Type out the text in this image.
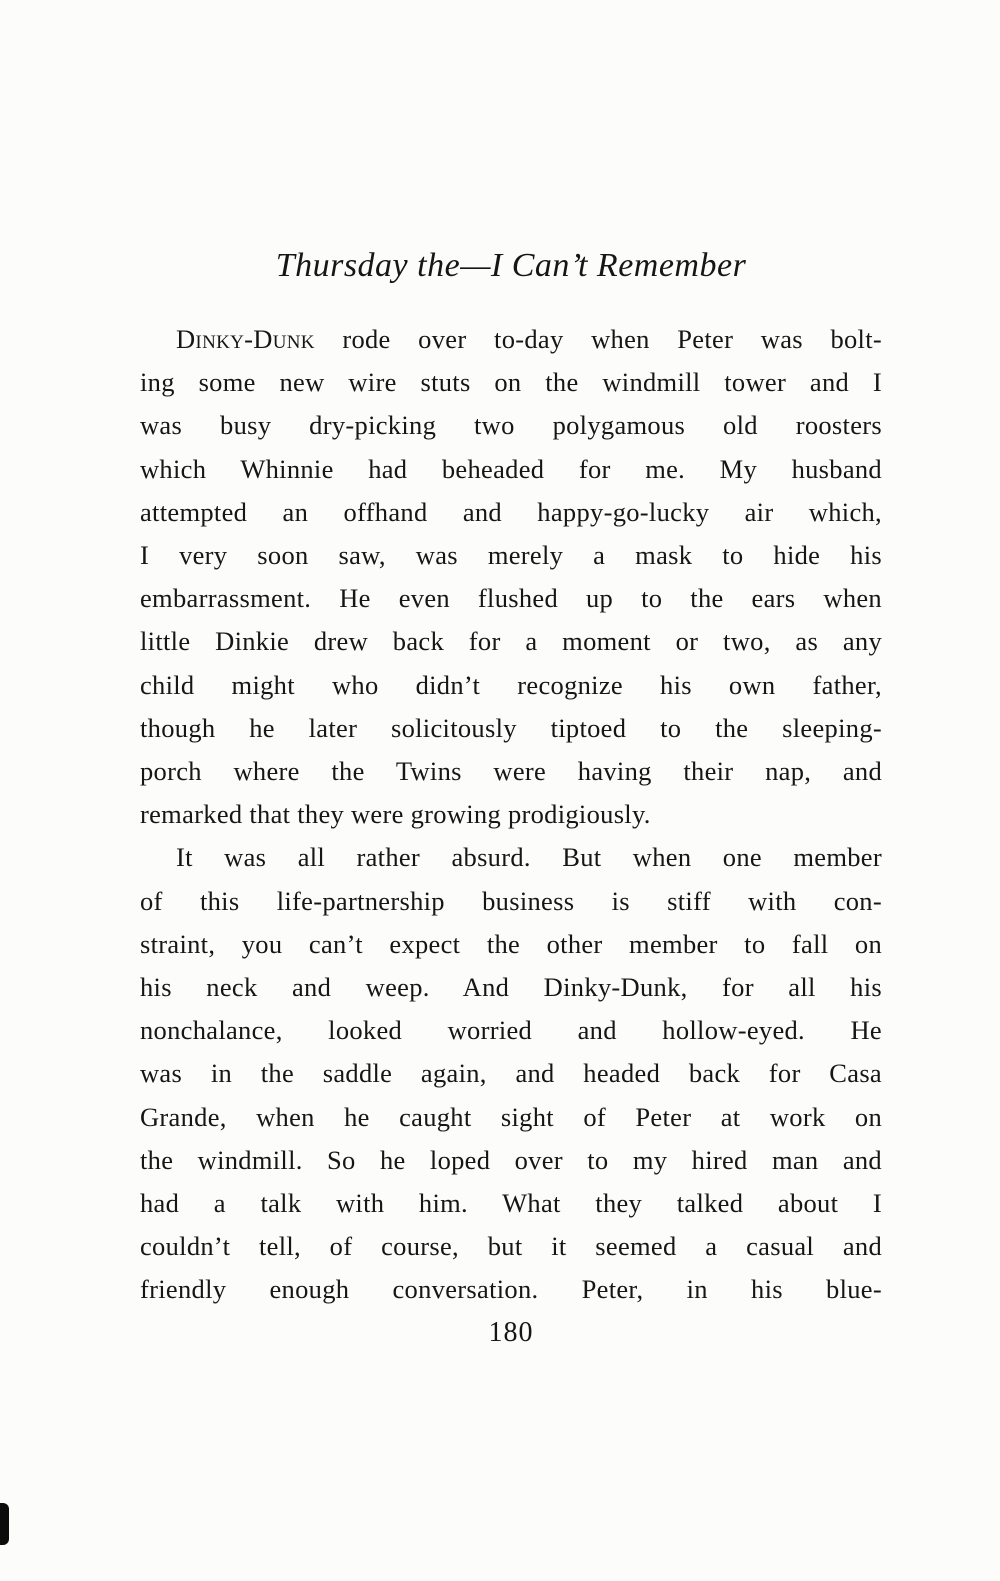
Thursday the—I Can’t Remember

Dinky-Dunk rode over to-day when Peter was bolt-
ing some new wire stuts on the windmill tower and I
was busy dry-picking two polygamous old roosters
which Whinnie had beheaded for me. My husband
attempted an offhand and happy-go-lucky air which,
I very soon saw, was merely a mask to hide his
embarrassment. He even flushed up to the ears when
little Dinkie drew back for a moment or two, as any
child might who didn’t recognize his own father,
though he later solicitously tiptoed to the sleeping-
porch where the Twins were having their nap, and
remarked that they were growing prodigiously.

It was all rather absurd. But when one member
of this life-partnership business is stiff with con-
straint, you can’t expect the other member to fall on
his neck and weep. And Dinky-Dunk, for all his
nonchalance, looked worried and hollow-eyed. He
was in the saddle again, and headed back for Casa
Grande, when he caught sight of Peter at work on
the windmill. So he loped over to my hired man and
had a talk with him. What they talked about I
couldn’t tell, of course, but it seemed a casual and
friendly enough conversation. Peter, in his blue-

180
